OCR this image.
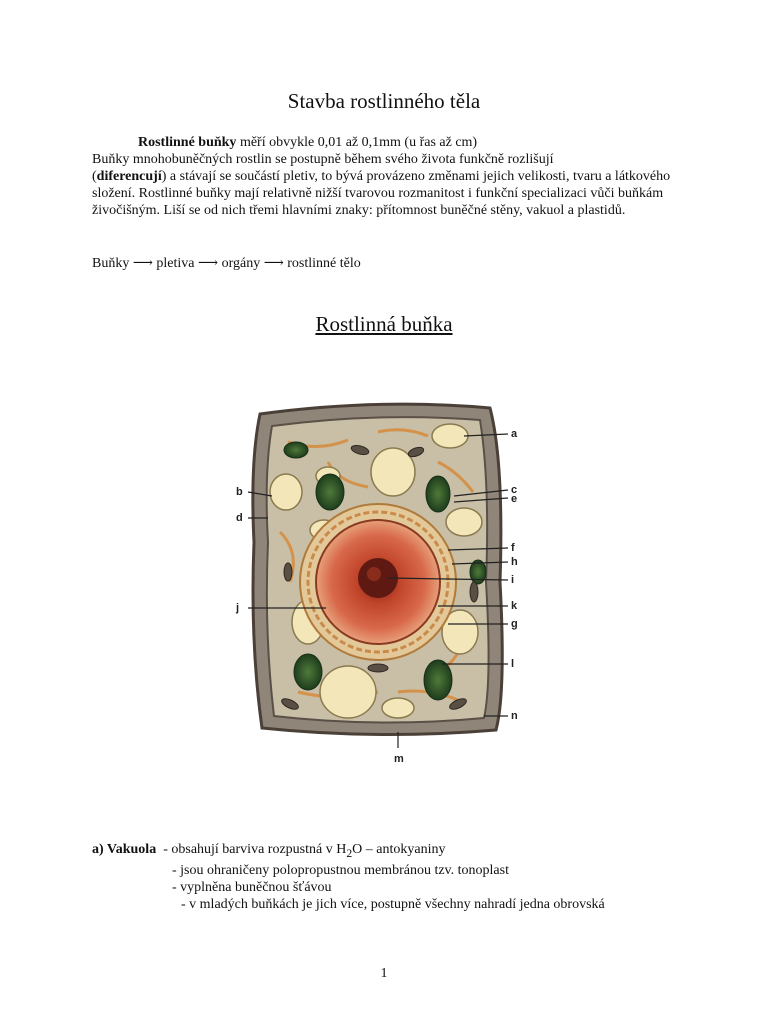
Stavba rostlinného těla

Rostlinné buňky měří obvykle 0,01 až 0,1mm (u řas až cm)

Buňky mnohobuněčných rostlin se postupně během svého života funkčně rozlišují

(diferencují) a stávají se součástí pletiv, to bývá provázeno změnami jejich velikosti, tvaru a látkového složení. Rostlinné buňky mají relativně nižší tvarovou rozmanitost i funkční specializaci vůči buňkám živočišným. Liší se od nich třemi hlavními znaky: přítomnost buněčné stěny, vakuol a plastidů.

Buňky ⟶ pletiva ⟶ orgány ⟶ rostlinné tělo
Rostlinná buňka
a
b	c
d
e
f
h
i
j	k
g
l
n
m
a) Vakuola  - obsahují barviva rozpustná v $H_2O$ – antokyaniny
- jsou ohraničeny polopropustnou membránou tzv. tonoplast
- vyplněna buněčnou šťávou
- v mladých buňkách je jich více, postupně všechny nahradí jedna obrovská
1
